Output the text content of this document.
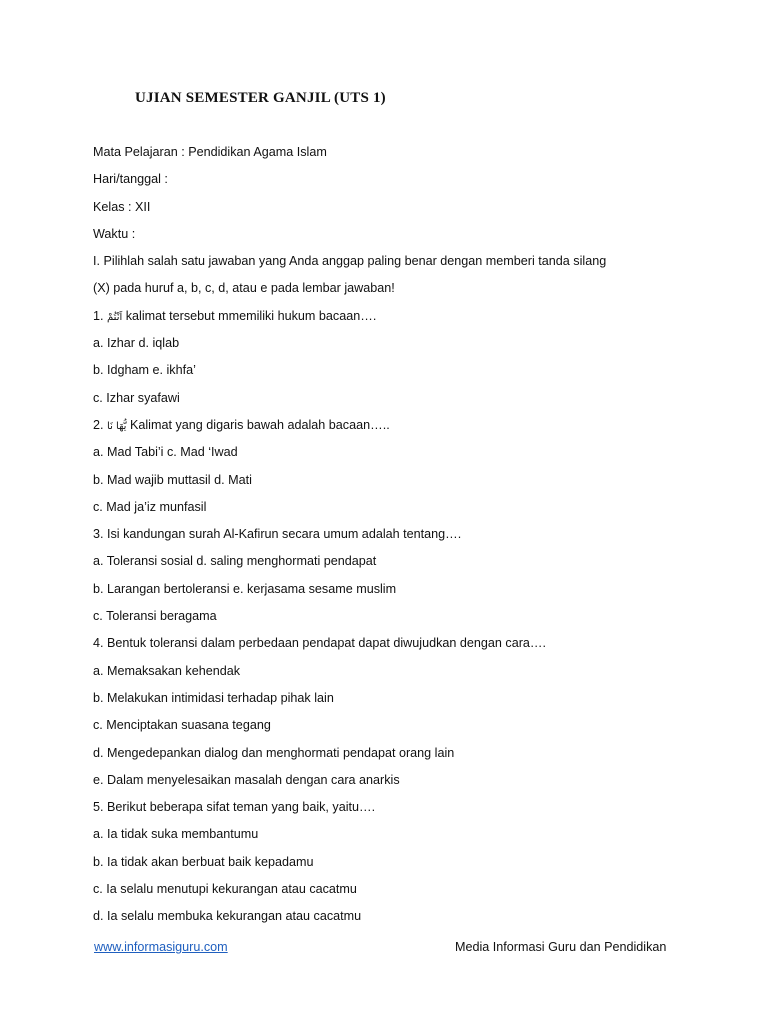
UJIAN SEMESTER GANJIL (UTS 1)
Mata Pelajaran : Pendidikan Agama Islam
Hari/tanggal :
Kelas : XII
Waktu :
I. Pilihlah salah satu jawaban yang Anda anggap paling benar dengan memberi tanda silang
(X) pada huruf a, b, c, d, atau e pada lembar jawaban!
1. اَنْتُمْ kalimat tersebut mmemiliki hukum bacaan….
a. Izhar d. iqlab
b. Idgham e. ikhfa’
c. Izhar syafawi
2. يُّهَا نَا Kalimat yang digaris bawah adalah bacaan…..
a. Mad Tabi’i c. Mad ‘Iwad
b. Mad wajib muttasil d. Mati
c. Mad ja’iz munfasil
3. Isi kandungan surah Al-Kafirun secara umum adalah tentang….
a. Toleransi sosial d. saling menghormati pendapat
b. Larangan bertoleransi e. kerjasama sesame muslim
c. Toleransi beragama
4. Bentuk toleransi dalam perbedaan pendapat dapat diwujudkan dengan cara….
a. Memaksakan kehendak
b. Melakukan intimidasi terhadap pihak lain
c. Menciptakan suasana tegang
d. Mengedepankan dialog dan menghormati pendapat orang lain
e. Dalam menyelesaikan masalah dengan cara anarkis
5. Berikut beberapa sifat teman yang baik, yaitu….
a. Ia tidak suka membantumu
b. Ia tidak akan berbuat baik kepadamu
c. Ia selalu menutupi kekurangan atau cacatmu
d. Ia selalu membuka kekurangan atau cacatmu
www.informasiguru.com	Media Informasi Guru dan Pendidikan
